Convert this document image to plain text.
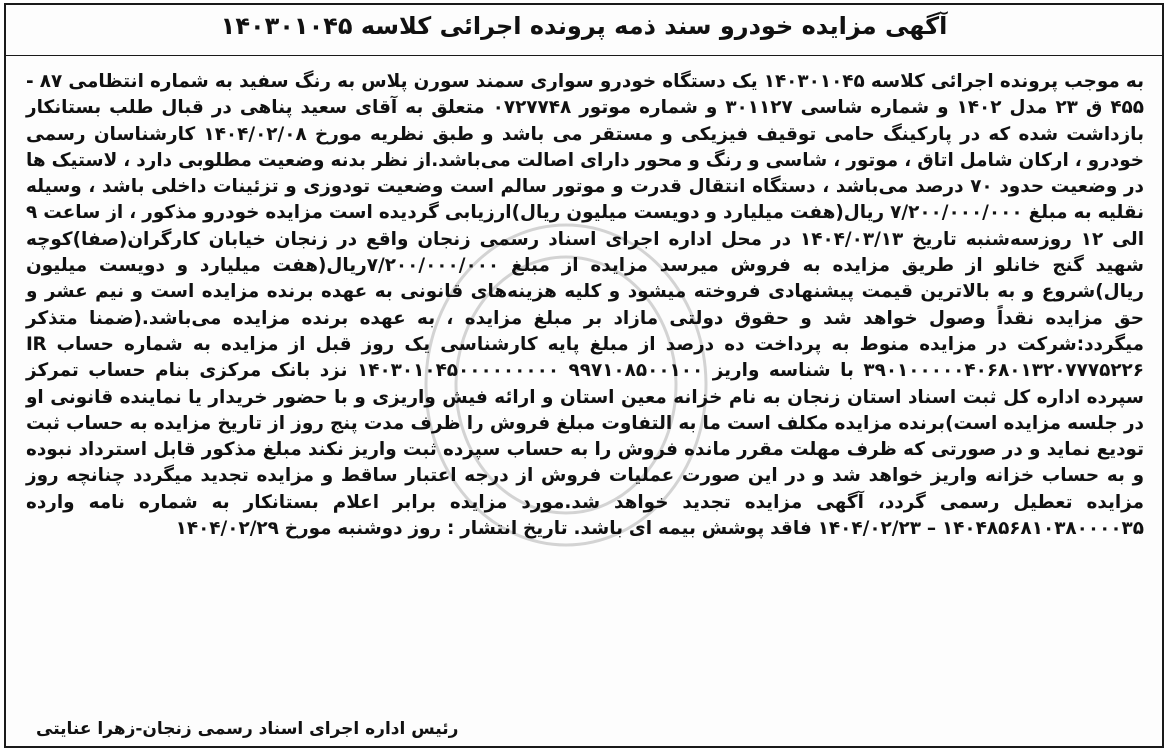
آگهی مزایده خودرو سند ذمه پرونده اجرائی کلاسه ۱۴۰۳۰۱۰۴۵
به موجب پرونده اجرائی کلاسه ۱۴۰۳۰۱۰۴۵ یک دستگاه خودرو سواری سمند سورن پلاس به رنگ سفید به شماره انتظامی ۸۷ - ۴۵۵ ق ۲۳ مدل ۱۴۰۲ و شماره شاسی ۳۰۱۱۲۷ و شماره موتور ۰۷۲۷۷۴۸ متعلق به آقای سعید پناهی در قبال طلب بستانکار بازداشت شده که در پارکینگ حامی توقیف فیزیکی و مستقر می باشد و طبق نظریه مورخ ۱۴۰۴/۰۲/۰۸ کارشناسان رسمی خودرو ، ارکان شامل اتاق ، موتور ، شاسی و رنگ و محور دارای اصالت می‌باشد.از نظر بدنه وضعیت مطلوبی دارد ، لاستیک ها در وضعیت حدود ۷۰ درصد می‌باشد ، دستگاه انتقال قدرت و موتور سالم است وضعیت تودوزی و تزئینات داخلی باشد ، وسیله نقلیه به مبلغ ۷/۲۰۰/۰۰۰/۰۰۰ ریال(هفت میلیارد و دویست میلیون ریال)ارزیابی گردیده است مزایده خودرو مذکور ، از ساعت ۹ الی ۱۲ روزسه‌شنبه تاریخ ۱۴۰۴/۰۳/۱۳ در محل اداره اجرای اسناد رسمی زنجان واقع در زنجان خیابان کارگران(صفا)کوچه شهید گنج خانلو از طریق مزایده به فروش میرسد مزایده از مبلغ ۷/۲۰۰/۰۰۰/۰۰۰ریال(هفت میلیارد و دویست میلیون ریال)شروع و به بالاترین قیمت پیشنهادی فروخته میشود و کلیه هزینه‌های قانونی به عهده برنده مزایده است و نیم عشر و حق مزایده نقداً وصول خواهد شد و حقوق دولتی مازاد بر مبلغ مزایده ، به عهده برنده مزایده می‌باشد.(ضمنا متذکر میگردد:شرکت در مزایده منوط به پرداخت ده درصد از مبلغ پایه کارشناسی یک روز قبل از مزایده به شماره حساب IR ۳۹۰۱۰۰۰۰۰۴۰۶۸۰۱۳۲۰۷۷۷۵۲۲۶ با شناسه واریز ۹۹۷۱۰۸۵۰۰۱۰۰ ۱۴۰۳۰۱۰۴۵۰۰۰۰۰۰۰۰۰ نزد بانک مرکزی بنام حساب تمرکز سپرده اداره کل ثبت اسناد استان زنجان به نام خزانه معین استان و ارائه فیش واریزی و با حضور خریدار یا نماینده قانونی او در جلسه مزایده است)برنده مزایده مکلف است ما به التفاوت مبلغ فروش را ظرف مدت پنج روز از تاریخ مزایده به حساب ثبت تودیع نماید و در صورتی که ظرف مهلت مقرر مانده فروش را به حساب سپرده ثبت واریز نکند مبلغ مذکور قابل استرداد نبوده و به حساب خزانه واریز خواهد شد و در این صورت عملیات فروش از درجه اعتبار ساقط و مزایده تجدید میگردد چنانچه روز مزایده تعطیل رسمی گردد، آگهی مزایده تجدید خواهد شد.مورد مزایده برابر اعلام بستانکار به شماره نامه وارده ۱۴۰۴۸۵۶۸۱۰۳۸۰۰۰۰۳۵ – ۱۴۰۴/۰۲/۲۳ فاقد پوشش بیمه ای باشد. تاریخ انتشار : روز دوشنبه مورخ ۱۴۰۴/۰۲/۲۹
رئیس اداره اجرای اسناد رسمی زنجان-زهرا عنایتی
